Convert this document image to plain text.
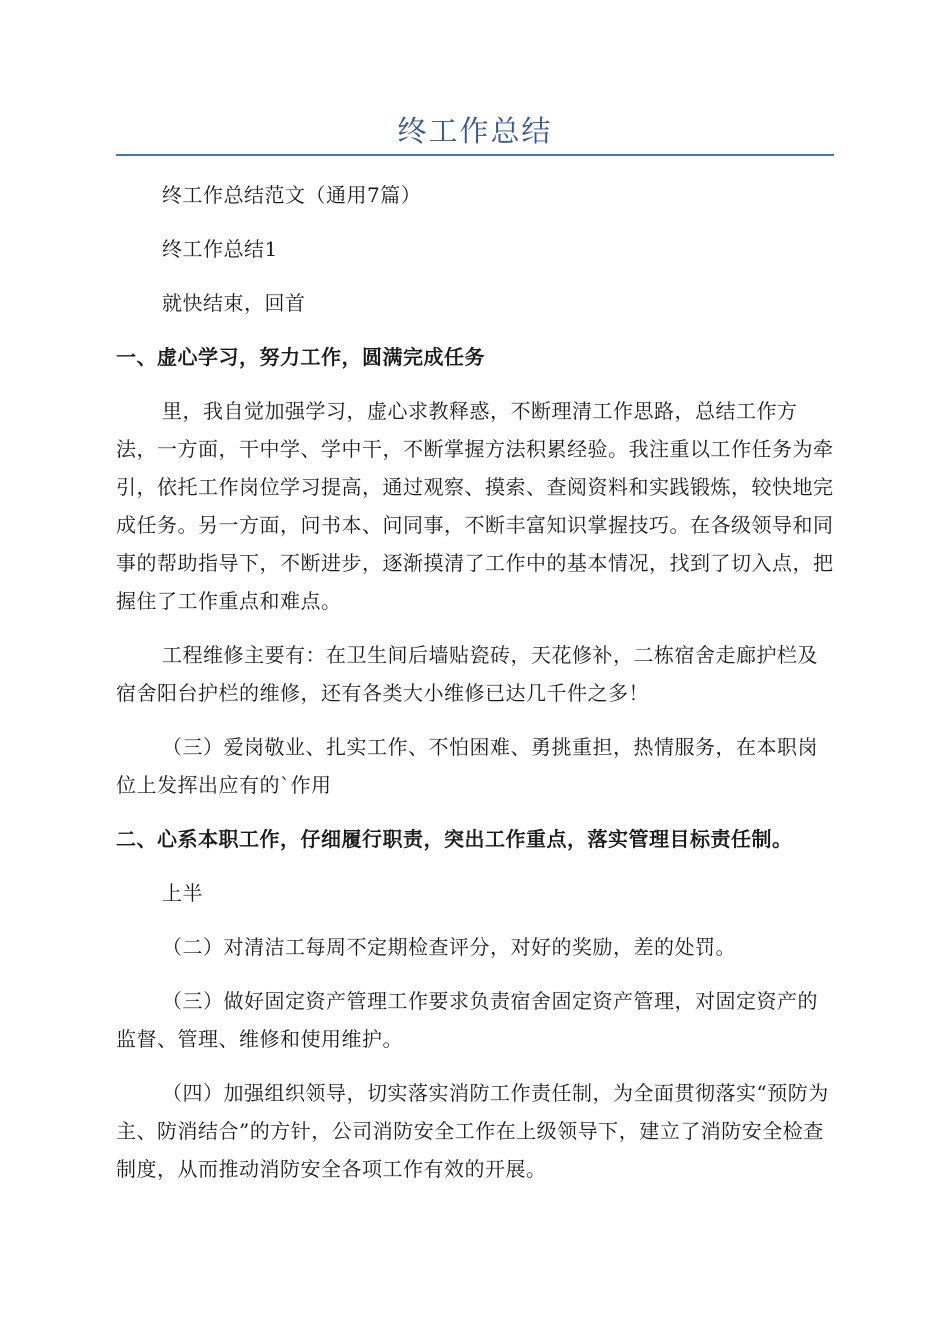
终工作总结

终工作总结范文（通用7篇）

终工作总结1

就快结束，回首

一、虚心学习，努力工作，圆满完成任务

里，我自觉加强学习，虚心求教释惑，不断理清工作思路，总结工作方法，一方面，干中学、学中干，不断掌握方法积累经验。我注重以工作任务为牵引，依托工作岗位学习提高，通过观察、摸索、查阅资料和实践锻炼，较快地完成任务。另一方面，问书本、问同事，不断丰富知识掌握技巧。在各级领导和同事的帮助指导下，不断进步，逐渐摸清了工作中的基本情况，找到了切入点，把握住了工作重点和难点。

工程维修主要有：在卫生间后墙贴瓷砖，天花修补，二栋宿舍走廊护栏及宿舍阳台护栏的维修，还有各类大小维修已达几千件之多！

（三）爱岗敬业、扎实工作、不怕困难、勇挑重担，热情服务，在本职岗位上发挥出应有的`作用

二、心系本职工作，仔细履行职责，突出工作重点，落实管理目标责任制。

上半

（二）对清洁工每周不定期检查评分，对好的奖励，差的处罚。

（三）做好固定资产管理工作要求负责宿舍固定资产管理，对固定资产的监督、管理、维修和使用维护。

（四）加强组织领导，切实落实消防工作责任制，为全面贯彻落实“预防为主、防消结合”的方针，公司消防安全工作在上级领导下，建立了消防安全检查制度，从而推动消防安全各项工作有效的开展。
